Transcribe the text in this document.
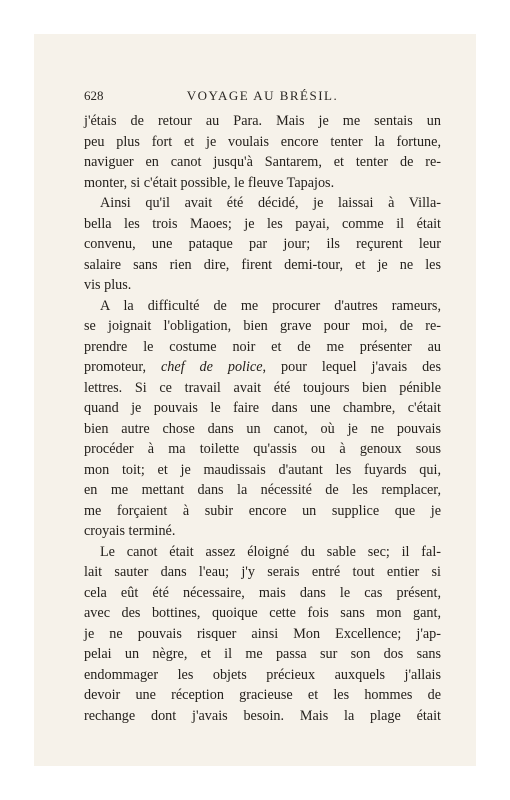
628	VOYAGE AU BRÉSIL.
j'étais de retour au Para. Mais je me sentais un
peu plus fort et je voulais encore tenter la fortune,
naviguer en canot jusqu'à Santarem, et tenter de re-
monter, si c'était possible, le fleuve Tapajos.
Ainsi qu'il avait été décidé, je laissai à Villa-
bella les trois Maoes; je les payai, comme il était
convenu, une pataque par jour; ils reçurent leur
salaire sans rien dire, firent demi-tour, et je ne les
vis plus.
A la difficulté de me procurer d'autres rameurs,
se joignait l'obligation, bien grave pour moi, de re-
prendre le costume noir et de me présenter au
promoteur, chef de police, pour lequel j'avais des
lettres. Si ce travail avait été toujours bien pénible
quand je pouvais le faire dans une chambre, c'était
bien autre chose dans un canot, où je ne pouvais
procéder à ma toilette qu'assis ou à genoux sous
mon toit; et je maudissais d'autant les fuyards qui,
en me mettant dans la nécessité de les remplacer,
me forçaient à subir encore un supplice que je
croyais terminé.
Le canot était assez éloigné du sable sec; il fal-
lait sauter dans l'eau; j'y serais entré tout entier si
cela eût été nécessaire, mais dans le cas présent,
avec des bottines, quoique cette fois sans mon gant,
je ne pouvais risquer ainsi Mon Excellence; j'ap-
pelai un nègre, et il me passa sur son dos sans
endommager les objets précieux auxquels j'allais
devoir une réception gracieuse et les hommes de
rechange dont j'avais besoin. Mais la plage était
